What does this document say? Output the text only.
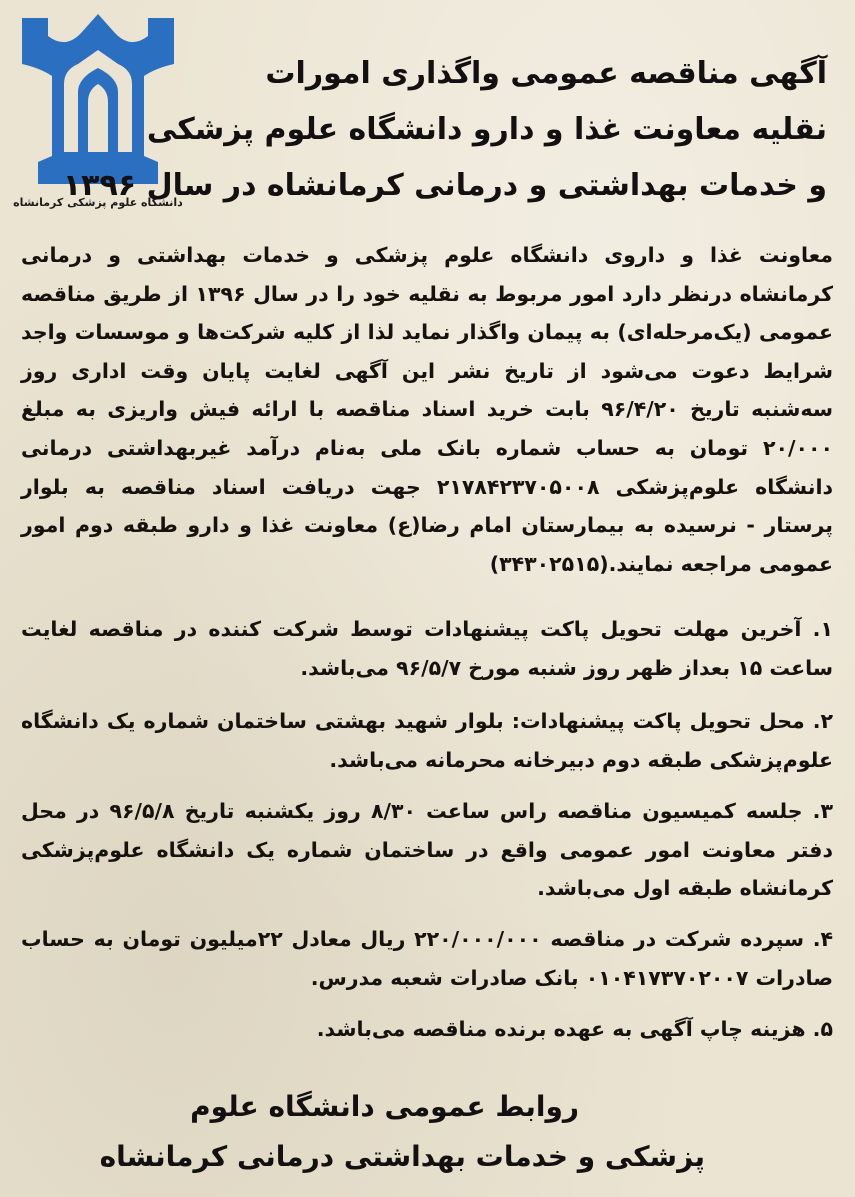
دانشگاه علوم پزشکی کرمانشاه
آگهی مناقصه عمومی واگذاری امورات
نقلیه معاونت غذا و دارو دانشگاه علوم پزشکی
و خدمات بهداشتی و درمانی کرمانشاه در سال ۱۳۹۶
معاونت غذا و داروی دانشگاه علوم پزشکی و خدمات بهداشتی و درمانی کرمانشاه درنظر دارد امور مربوط به نقلیه خود را در سال ۱۳۹۶ از طریق مناقصه عمومی (یک‌مرحله‌ای) به پیمان واگذار نماید لذا از کلیه شرکت‌ها و موسسات واجد شرایط دعوت می‌شود از تاریخ نشر این آگهی لغایت پایان وقت اداری روز سه‌شنبه تاریخ ۹۶/۴/۲۰ بابت خرید اسناد مناقصه با ارائه فیش واریزی به مبلغ ۲۰/۰۰۰ تومان به حساب شماره بانک ملی به‌نام درآمد غیربهداشتی درمانی دانشگاه علوم‌پزشکی ۲۱۷۸۴۲۳۷۰۵۰۰۸ جهت دریافت اسناد مناقصه به بلوار پرستار - نرسیده به بیمارستان امام رضا(ع) معاونت غذا و دارو طبقه دوم امور عمومی مراجعه نمایند.(۳۴۳۰۲۵۱۵)
۱. آخرین مهلت تحویل پاکت پیشنهادات توسط شرکت کننده در مناقصه لغایت ساعت ۱۵ بعداز ظهر روز شنبه مورخ ۹۶/۵/۷ می‌باشد.
۲. محل تحویل پاکت پیشنهادات: بلوار شهید بهشتی ساختمان شماره یک دانشگاه علوم‌پزشکی طبقه دوم دبیرخانه محرمانه می‌باشد.
۳. جلسه کمیسیون مناقصه راس ساعت ۸/۳۰ روز یکشنبه تاریخ ۹۶/۵/۸ در محل دفتر معاونت امور عمومی واقع در ساختمان شماره یک دانشگاه علوم‌پزشکی کرمانشاه طبقه اول می‌باشد.
۴. سپرده شرکت در مناقصه ۲۲۰/۰۰۰/۰۰۰ ریال معادل ۲۲میلیون تومان به حساب صادرات ۰۱۰۴۱۷۳۷۰۲۰۰۷ بانک صادرات شعبه مدرس.
۵. هزینه چاپ آگهی به عهده برنده مناقصه می‌باشد.
روابط عمومی دانشگاه علوم
پزشکی و خدمات بهداشتی درمانی کرمانشاه
